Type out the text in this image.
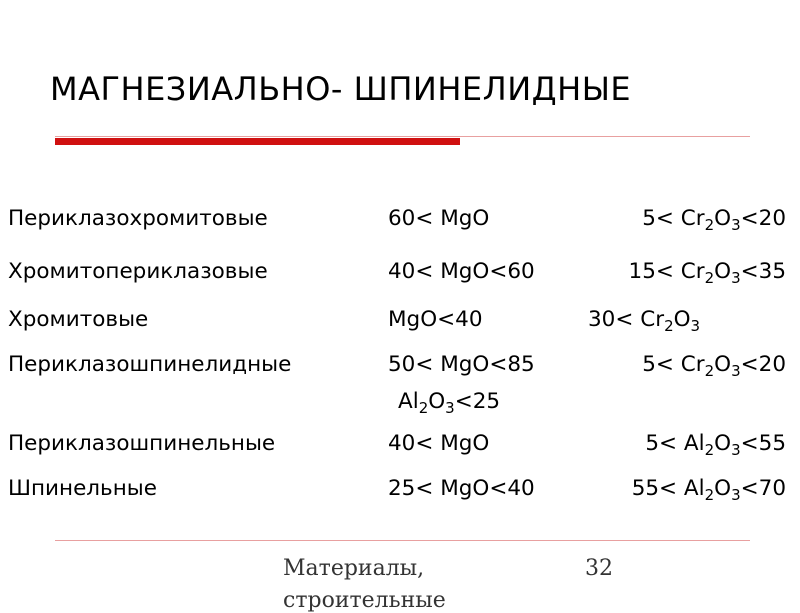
МАГНЕЗИАЛЬНО- ШПИНЕЛИДНЫЕ
Периклазохромитовые	60< MgO	$5< Cr_2O_3<20$
Хромитопериклазовые	40< MgO<60	$15< Cr_2O_3<35$
Хромитовые	MgO<40	$30< Cr_2O_3$
Периклазошпинелидные	50< MgO<85	$5< Cr_2O_3<20$
$Al_2O_3<25$
Периклазошпинельные	40< MgO	$5< Al_2O_3<55$
Шпинельные	25< MgO<40	$55< Al_2O_3<70$
Материалы,
строительные
32
